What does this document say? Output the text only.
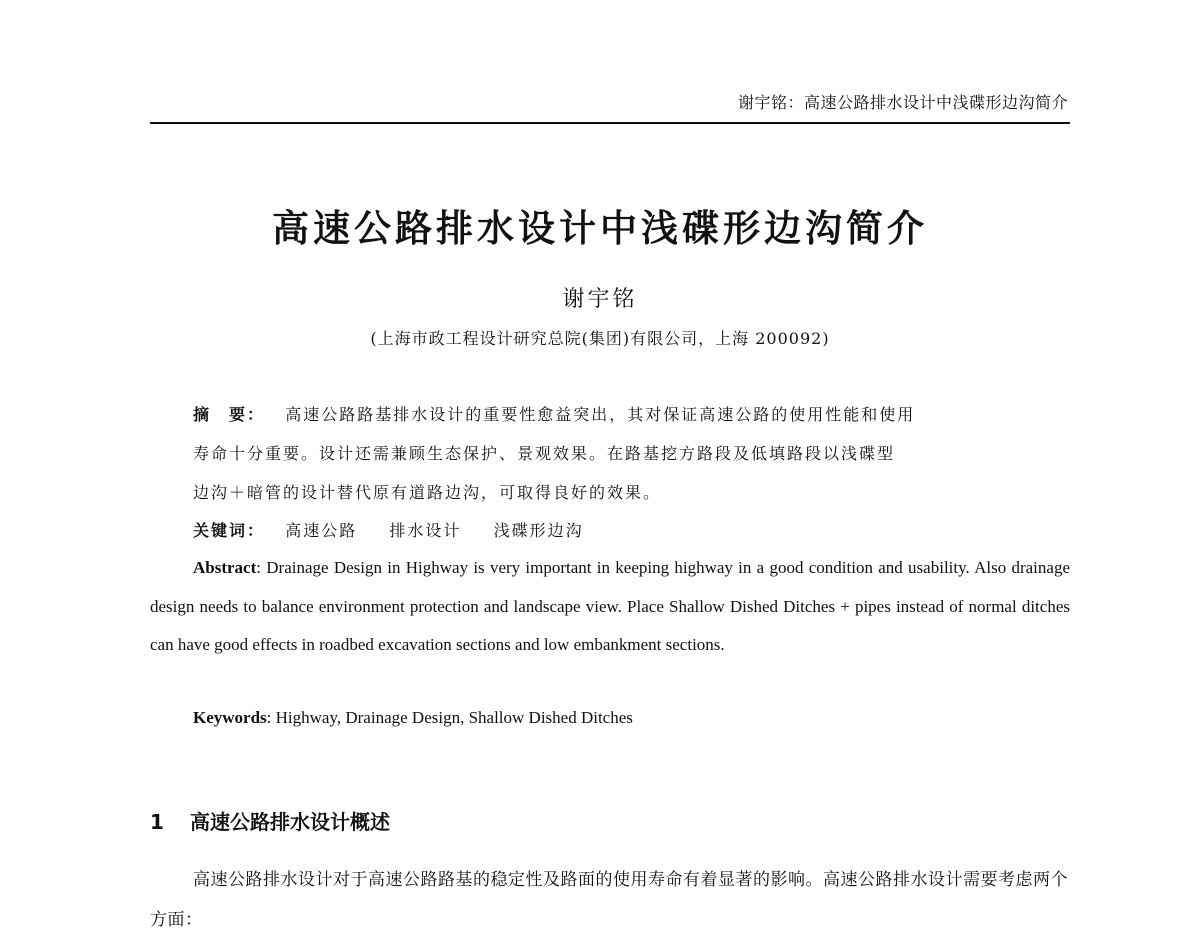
谢宇铭：高速公路排水设计中浅碟形边沟简介
高速公路排水设计中浅碟形边沟简介
谢宇铭
(上海市政工程设计研究总院(集团)有限公司，上海 200092)
摘　要： 高速公路路基排水设计的重要性愈益突出，其对保证高速公路的使用性能和使用
寿命十分重要。设计还需兼顾生态保护、景观效果。在路基挖方路段及低填路段以浅碟型
边沟＋暗管的设计替代原有道路边沟，可取得良好的效果。
关键词： 高速公路 排水设计 浅碟形边沟
Abstract: Drainage Design in Highway is very important in keeping highway in a good condition and usability. Also drainage design needs to balance environment protection and landscape view. Place Shallow Dished Ditches + pipes instead of normal ditches can have good effects in roadbed excavation sections and low embankment sections.
Keywords: Highway, Drainage Design, Shallow Dished Ditches
1 高速公路排水设计概述
高速公路排水设计对于高速公路路基的稳定性及路面的使用寿命有着显著的影响。高速公路排水设计需要考虑两个方面：
